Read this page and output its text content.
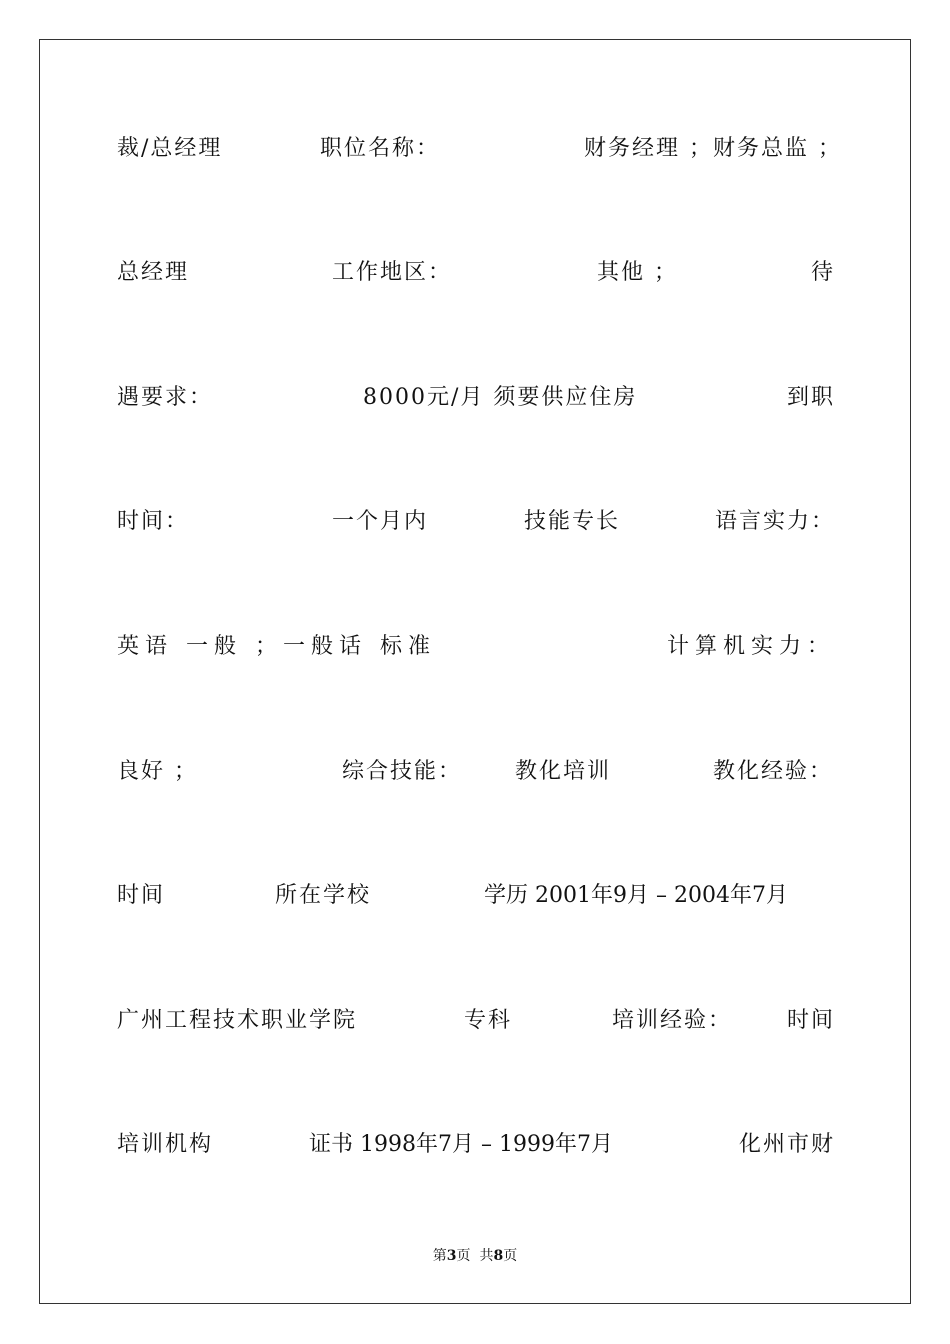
裁/总经理	职位名称：	财务经理 ；财务总监 ；
总经理	工作地区：	其他 ；	待
遇要求：	8000元/月 须要供应住房	到职
时间：	一个月内	技能专长	语言实力：
英语 一般 ；一般话 标准	计算机实力：
良好 ；	综合技能： 教化培训	教化经验：
时间	所在学校	学历 2001年9月 – 2004年7月
广州工程技术职业学院	专科	培训经验： 时间
培训机构	证书 1998年7月 – 1999年7月	化州市财
第3页  共8页
